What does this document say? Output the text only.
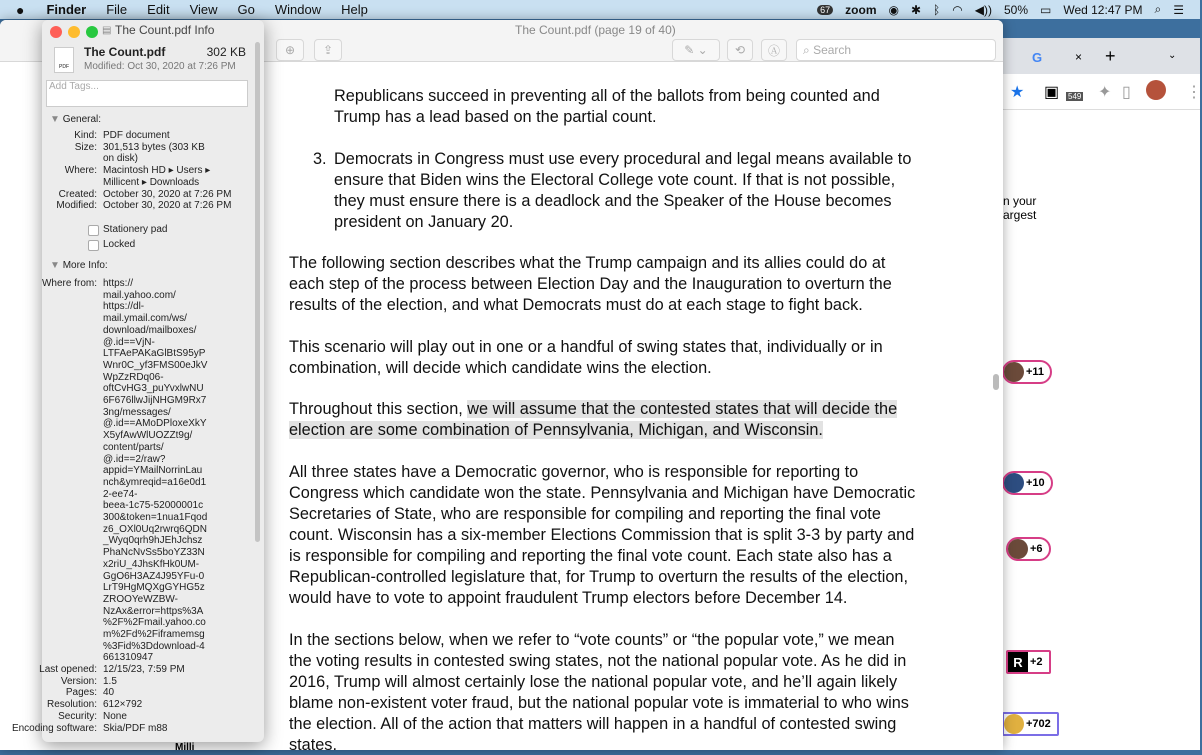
● Finder File Edit View Go Window Help	67 zoom ◉ ✱ ᛒ ◠ ◀)) 50% ▭ Wed 12:47 PM ⌕ ☰
G	× +	⌄
★ ▣ 549 ✦ ▯	⋮
n your
argest
+11
+10
+6
R +2
+702
The Count.pdf (page 19 of 40)
⊕	⇪	✎ ⌄	⟲	Ⓐ	⌕ Search
Republicans succeed in preventing all of the ballots from being counted and
Trump has a lead based on the partial count.
3. Democrats in Congress must use every procedural and legal means available to
ensure that Biden wins the Electoral College vote count. If that is not possible,
they must ensure there is a deadlock and the Speaker of the House becomes
president on January 20.
The following section describes what the Trump campaign and its allies could do at
each step of the process between Election Day and the Inauguration to overturn the
results of the election, and what Democrats must do at each stage to fight back.
This scenario will play out in one or a handful of swing states that, individually or in
combination, will decide which candidate wins the election.
Throughout this section, we will assume that the contested states that will decide the
election are some combination of Pennsylvania, Michigan, and Wisconsin.
All three states have a Democratic governor, who is responsible for reporting to
Congress which candidate won the state. Pennsylvania and Michigan have Democratic
Secretaries of State, who are responsible for compiling and reporting the final vote
count. Wisconsin has a six-member Elections Commission that is split 3-3 by party and
is responsible for compiling and reporting the final vote count. Each state also has a
Republican-controlled legislature that, for Trump to overturn the results of the election,
would have to vote to appoint fraudulent Trump electors before December 14.
In the sections below, when we refer to “vote counts” or “the popular vote,” we mean
the voting results in contested swing states, not the national popular vote. As he did in
2016, Trump will almost certainly lose the national popular vote, and he’ll again likely
blame non-existent voter fraud, but the national popular vote is immaterial to who wins
the election. All of the action that matters will happen in a handful of contested swing
states.
▤ The Count.pdf Info
PDF
The Count.pdf	302 KB
Modified: Oct 30, 2020 at 7:26 PM
Add Tags...
▼ General:
Stationery pad
Locked
▼ More Info:
Where from:
Kind: PDF document
Size: 301,513 bytes (303 KB
on disk)
Where: Macintosh HD ▸ Users ▸
Millicent ▸ Downloads
Created: October 30, 2020 at 7:26 PM
Modified: October 30, 2020 at 7:26 PM
https://
mail.yahoo.com/
https://dl-
mail.ymail.com/ws/
download/mailboxes/
@.id==VjN-
LTFAePAKaGlBtS95yP
Wnr0C_yf3FMS00eJkV
WpZzRDq06-
oftCvHG3_puYvxlwNU
6F676llwJijNHGM9Rx7
3ng/messages/
@.id==AMoDPloxeXkY
X5yfAwWlUOZZt9g/
content/parts/
@.id==2/raw?
appid=YMailNorrinLau
nch&ymreqid=a16e0d1
2-ee74-
beea-1c75-52000001c
300&token=1nua1Fqod
z6_OXl0Uq2rwrq6QDN
_Wyq0qrh9hJEhJchsz
PhaNcNvSs5boYZ33N
x2riU_4JhsKfHk0UM-
GgO6H3AZ4J95YFu-0
LrT9HgMQXgGYHG5z
ZROOYeWZBW-
NzAx&error=https%3A
%2F%2Fmail.yahoo.co
m%2Fd%2Fiframemsg
%3Fid%3Ddownload-4
661310947
Last opened: 12/15/23, 7:59 PM
Version: 1.5
Pages: 40
Resolution: 612×792
Security: None
Encoding software: Skia/PDF m88
Milli
